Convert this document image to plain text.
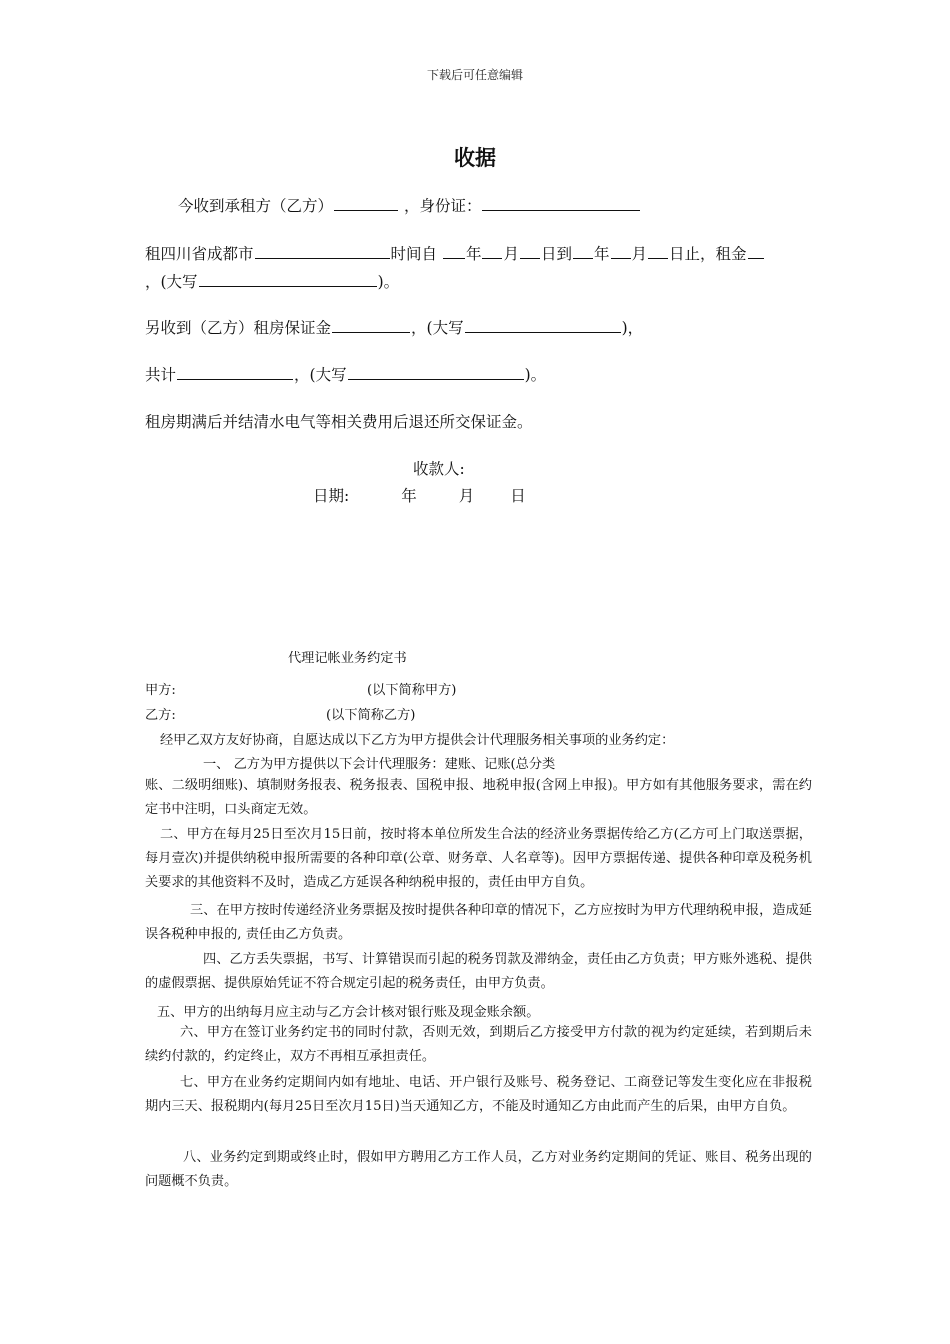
下载后可任意编辑
收据
今收到承租方（乙方）	，身份证：
租四川省成都市	时间自 年 月 日到 年 月 日止，租金
，(大写	)。
另收到（乙方）租房保证金	，(大写	)，
共计	，(大写	)。
租房期满后并结清水电气等相关费用后退还所交保证金。
收款人:
日期:	年	月 日
代理记帐业务约定书
甲方:	(以下简称甲方)
乙方:	(以下简称乙方)
经甲乙双方友好协商，自愿达成以下乙方为甲方提供会计代理服务相关事项的业务约定：
一、 乙方为甲方提供以下会计代理服务：建账、记账(总分类
账、二级明细账)、填制财务报表、税务报表、国税申报、地税申报(含网上申报)。甲方如有其他服务要求，需在约定书中注明，口头商定无效。
二、甲方在每月25日至次月15日前，按时将本单位所发生合法的经济业务票据传给乙方(乙方可上门取送票据，每月壹次)并提供纳税申报所需要的各种印章(公章、财务章、人名章等)。因甲方票据传递、提供各种印章及税务机关要求的其他资料不及时，造成乙方延误各种纳税申报的，责任由甲方自负。
三、在甲方按时传递经济业务票据及按时提供各种印章的情况下，乙方应按时为甲方代理纳税申报，造成延误各税种申报的, 责任由乙方负责。
四、乙方丢失票据，书写、计算错误而引起的税务罚款及滞纳金，责任由乙方负责；甲方账外逃税、提供的虚假票据、提供原始凭证不符合规定引起的税务责任，由甲方负责。
五、甲方的出纳每月应主动与乙方会计核对银行账及现金账余额。
六、甲方在签订业务约定书的同时付款，否则无效，到期后乙方接受甲方付款的视为约定延续，若到期后未续约付款的，约定终止，双方不再相互承担责任。
七、甲方在业务约定期间内如有地址、电话、开户银行及账号、税务登记、工商登记等发生变化应在非报税期内三天、报税期内(每月25日至次月15日)当天通知乙方，不能及时通知乙方由此而产生的后果，由甲方自负。
八、业务约定到期或终止时，假如甲方聘用乙方工作人员，乙方对业务约定期间的凭证、账目、税务出现的问题概不负责。
